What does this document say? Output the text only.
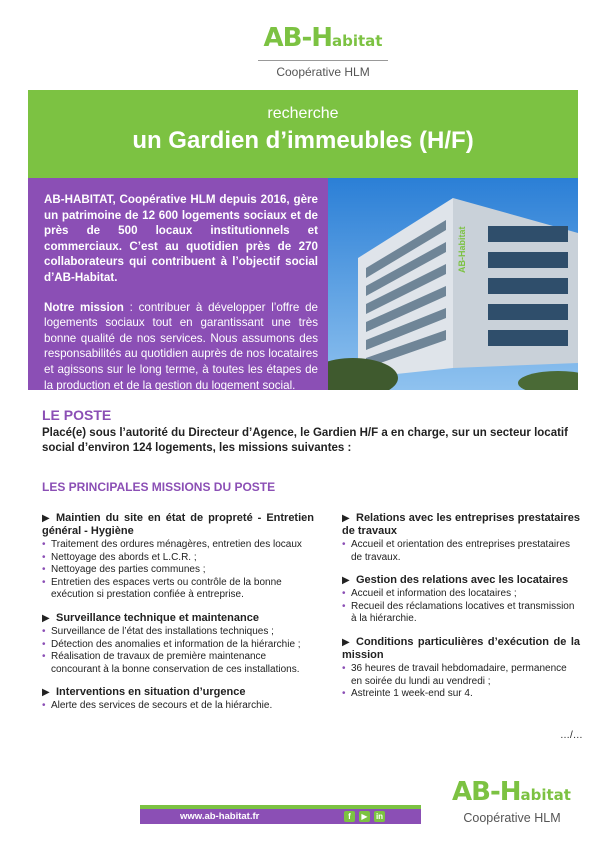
AB-Habitat
Coopérative HLM
recherche
un Gardien d’immeubles (H/F)

AB-HABITAT, Coopérative HLM depuis 2016, gère un patrimoine de 12 600 logements sociaux et de près de 500 locaux institutionnels et commerciaux. C’est au quotidien près de 270 collaborateurs qui contribuent à l’objectif social d’AB-Habitat.

Notre mission : contribuer à développer l’offre de logements sociaux tout en garantissant une très bonne qualité de nos services. Nous assumons des responsabilités au quotidien auprès de nos locataires et agissons sur le long terme, à toutes les étapes de la production et de la gestion du logement social.

AB-Habitat
LE POSTE
Placé(e) sous l’autorité du Directeur d’Agence, le Gardien H/F a en charge, sur un secteur locatif social d’environ 124 logements, les missions suivantes :
LES PRINCIPALES MISSIONS DU POSTE
▶ Maintien du site en état de propreté - Entretien général - Hygiène
• Traitement des ordures ménagères, entretien des locaux
• Nettoyage des abords et L.C.R. ;
• Nettoyage des parties communes ;
• Entretien des espaces verts ou contrôle de la bonne exécution si prestation confiée à entreprise.
▶ Surveillance technique et maintenance
• Surveillance de l’état des installations techniques ;
• Détection des anomalies et information de la hiérarchie ;
• Réalisation de travaux de première maintenance concourant à la bonne conservation de ces installations.
▶ Interventions en situation d’urgence
• Alerte des services de secours et de la hiérarchie.
▶ Relations avec les entreprises prestataires de travaux
• Accueil et orientation des entreprises prestataires de travaux.
▶ Gestion des relations avec les locataires
• Accueil et information des locataires ;
• Recueil des réclamations locatives et transmission à la hiérarchie.
▶ Conditions particulières d’exécution de la mission
• 36 heures de travail hebdomadaire, permanence en soirée du lundi au vendredi ;
• Astreinte 1 week-end sur 4.
…/…
www.ab-habitat.fr	f	▶	in
AB-Habitat
Coopérative HLM
